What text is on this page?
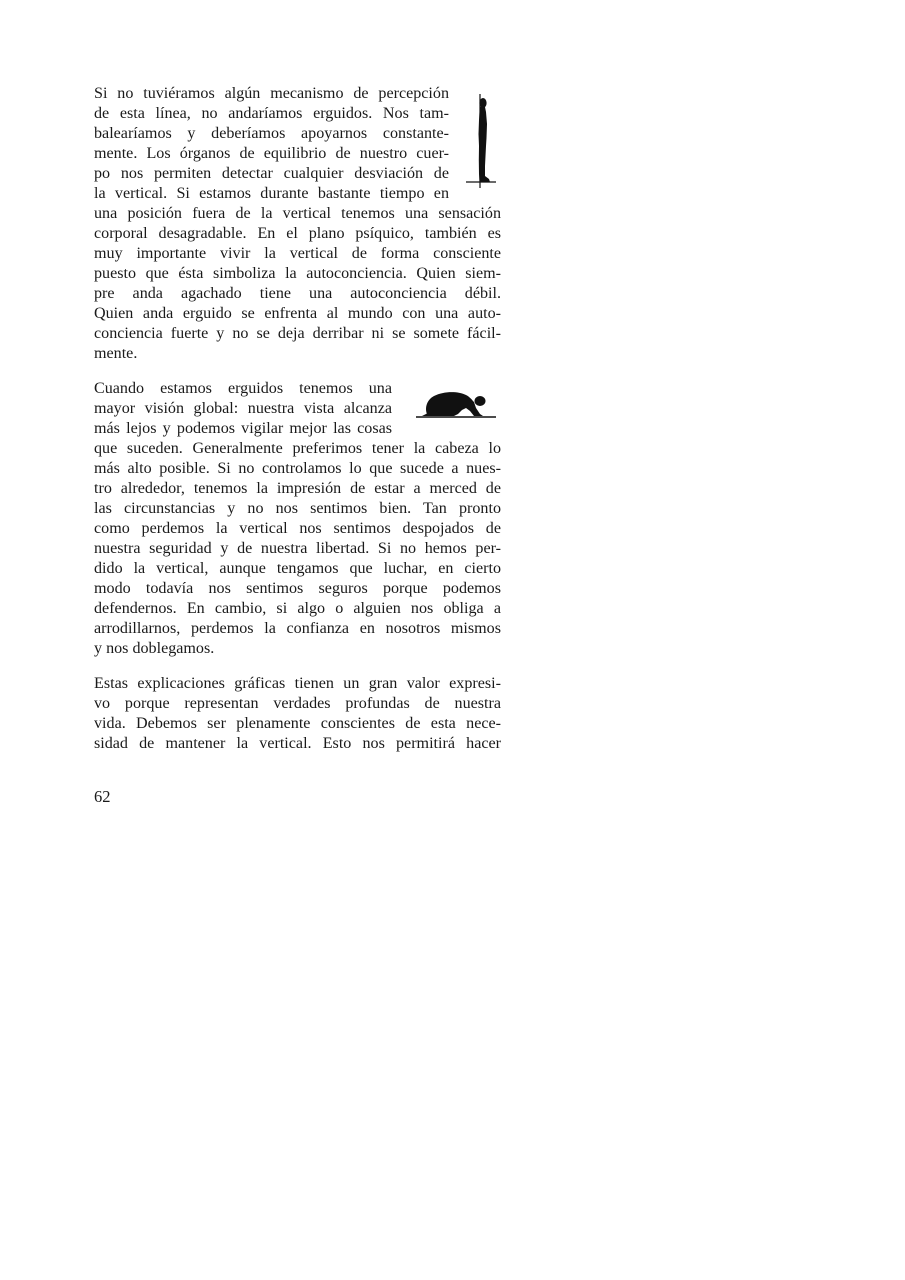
Si no tuviéramos algún mecanismo de percepción
de esta línea, no andaríamos erguidos. Nos tam-
balearíamos y deberíamos apoyarnos constante-
mente. Los órganos de equilibrio de nuestro cuer-
po nos permiten detectar cualquier desviación de
la vertical. Si estamos durante bastante tiempo en
una posición fuera de la vertical tenemos una sensación
corporal desagradable. En el plano psíquico, también es
muy importante vivir la vertical de forma consciente
puesto que ésta simboliza la autoconciencia. Quien siem-
pre anda agachado tiene una autoconciencia débil.
Quien anda erguido se enfrenta al mundo con una auto-
conciencia fuerte y no se deja derribar ni se somete fácil-
mente.

Cuando estamos erguidos tenemos una
mayor visión global: nuestra vista alcanza
más lejos y podemos vigilar mejor las cosas
que suceden. Generalmente preferimos tener la cabeza lo
más alto posible. Si no controlamos lo que sucede a nues-
tro alrededor, tenemos la impresión de estar a merced de
las circunstancias y no nos sentimos bien. Tan pronto
como perdemos la vertical nos sentimos despojados de
nuestra seguridad y de nuestra libertad. Si no hemos per-
dido la vertical, aunque tengamos que luchar, en cierto
modo todavía nos sentimos seguros porque podemos
defendernos. En cambio, si algo o alguien nos obliga a
arrodillarnos, perdemos la confianza en nosotros mismos
y nos doblegamos.

Estas explicaciones gráficas tienen un gran valor expresi-
vo porque representan verdades profundas de nuestra
vida. Debemos ser plenamente conscientes de esta nece-
sidad de mantener la vertical. Esto nos permitirá hacer

62
